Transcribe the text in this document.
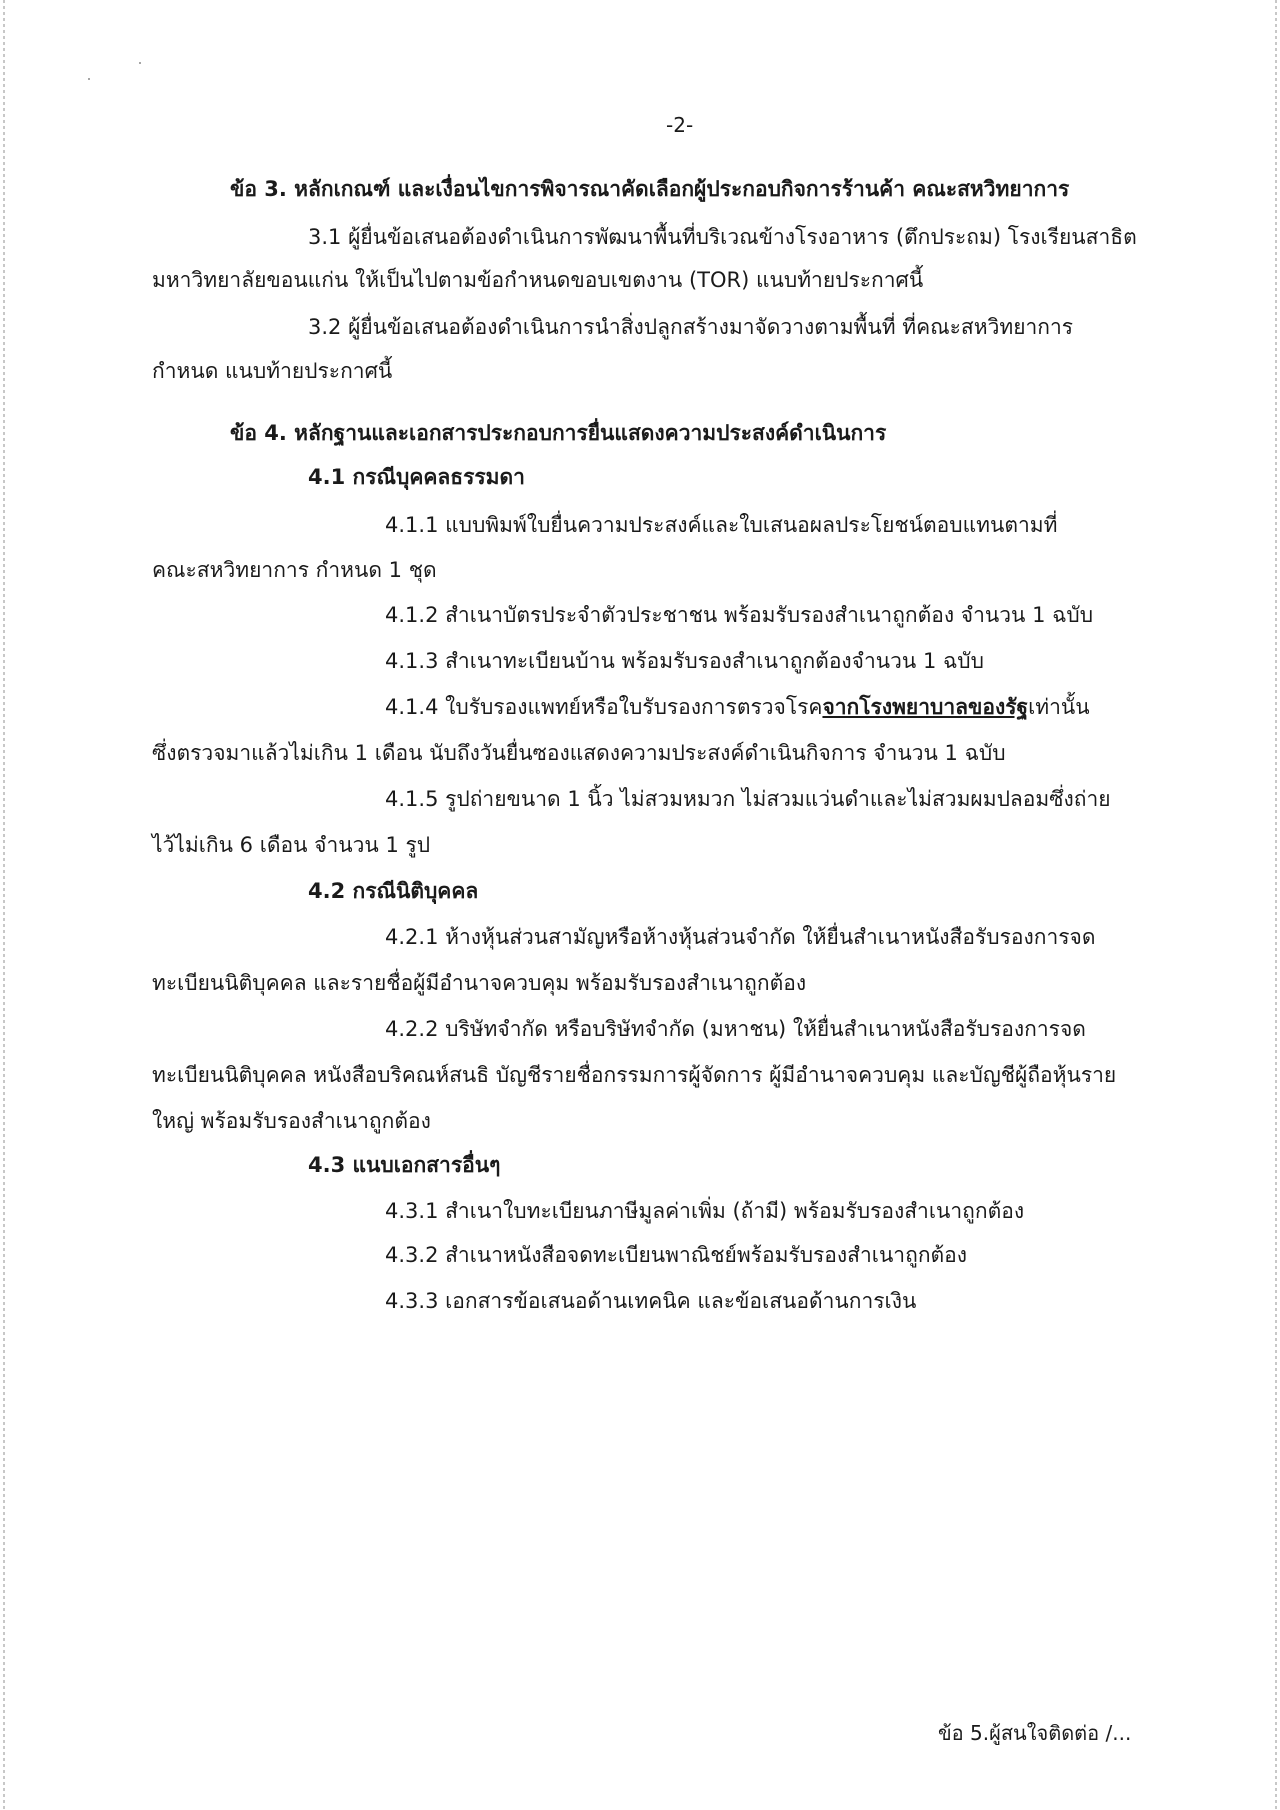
-2-
ข้อ 3. หลักเกณฑ์ และเงื่อนไขการพิจารณาคัดเลือกผู้ประกอบกิจการร้านค้า คณะสหวิทยาการ
3.1 ผู้ยื่นข้อเสนอต้องดำเนินการพัฒนาพื้นที่บริเวณข้างโรงอาหาร (ตึกประถม) โรงเรียนสาธิต
มหาวิทยาลัยขอนแก่น ให้เป็นไปตามข้อกำหนดขอบเขตงาน (TOR) แนบท้ายประกาศนี้
3.2 ผู้ยื่นข้อเสนอต้องดำเนินการนำสิ่งปลูกสร้างมาจัดวางตามพื้นที่ ที่คณะสหวิทยาการ
กำหนด แนบท้ายประกาศนี้
ข้อ 4. หลักฐานและเอกสารประกอบการยื่นแสดงความประสงค์ดำเนินการ
4.1 กรณีบุคคลธรรมดา
4.1.1 แบบพิมพ์ใบยื่นความประสงค์และใบเสนอผลประโยชน์ตอบแทนตามที่
คณะสหวิทยาการ กำหนด 1 ชุด
4.1.2 สำเนาบัตรประจำตัวประชาชน พร้อมรับรองสำเนาถูกต้อง จำนวน 1 ฉบับ
4.1.3 สำเนาทะเบียนบ้าน พร้อมรับรองสำเนาถูกต้องจำนวน 1 ฉบับ
4.1.4 ใบรับรองแพทย์หรือใบรับรองการตรวจโรคจากโรงพยาบาลของรัฐเท่านั้น
ซึ่งตรวจมาแล้วไม่เกิน 1 เดือน นับถึงวันยื่นซองแสดงความประสงค์ดำเนินกิจการ จำนวน 1 ฉบับ
4.1.5 รูปถ่ายขนาด 1 นิ้ว ไม่สวมหมวก ไม่สวมแว่นดำและไม่สวมผมปลอมซึ่งถ่าย
ไว้ไม่เกิน 6 เดือน จำนวน 1 รูป
4.2 กรณีนิติบุคคล
4.2.1 ห้างหุ้นส่วนสามัญหรือห้างหุ้นส่วนจำกัด ให้ยื่นสำเนาหนังสือรับรองการจด
ทะเบียนนิติบุคคล และรายชื่อผู้มีอำนาจควบคุม พร้อมรับรองสำเนาถูกต้อง
4.2.2 บริษัทจำกัด หรือบริษัทจำกัด (มหาชน) ให้ยื่นสำเนาหนังสือรับรองการจด
ทะเบียนนิติบุคคล หนังสือบริคณห์สนธิ บัญชีรายชื่อกรรมการผู้จัดการ ผู้มีอำนาจควบคุม และบัญชีผู้ถือหุ้นราย
ใหญ่ พร้อมรับรองสำเนาถูกต้อง
4.3 แนบเอกสารอื่นๆ
4.3.1 สำเนาใบทะเบียนภาษีมูลค่าเพิ่ม (ถ้ามี) พร้อมรับรองสำเนาถูกต้อง
4.3.2 สำเนาหนังสือจดทะเบียนพาณิชย์พร้อมรับรองสำเนาถูกต้อง
4.3.3 เอกสารข้อเสนอด้านเทคนิค และข้อเสนอด้านการเงิน
ข้อ 5.ผู้สนใจติดต่อ /...
